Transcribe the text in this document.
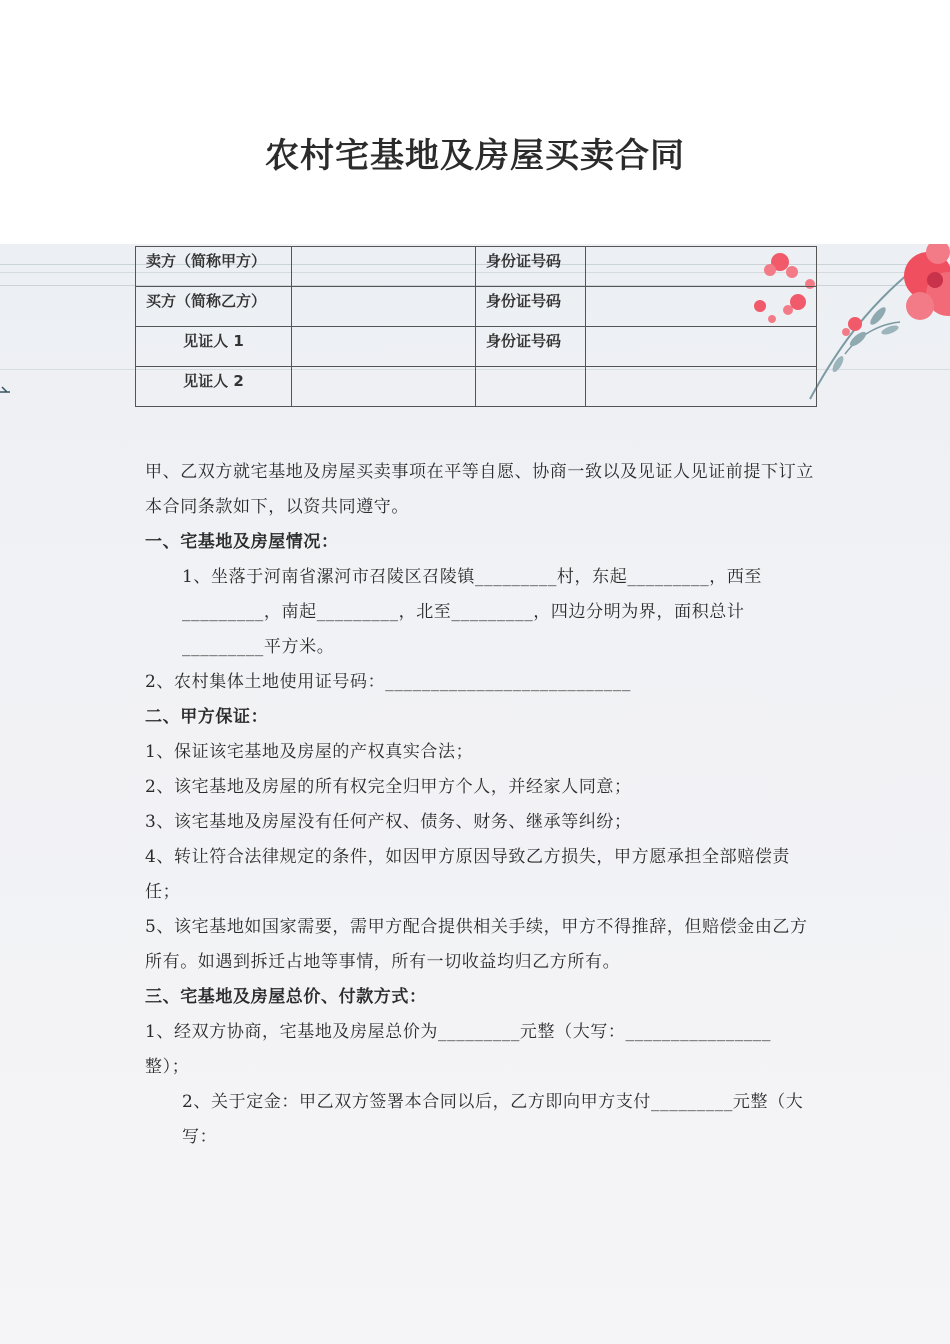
农村宅基地及房屋买卖合同
卖方（简称甲方）		身份证号码	
买方（简称乙方）		身份证号码	
见证人 1		身份证号码	
见证人 2			

甲、乙双方就宅基地及房屋买卖事项在平等自愿、协商一致以及见证人见证前提下订立本合同条款如下，以资共同遵守。

一、宅基地及房屋情况：

1、坐落于河南省漯河市召陵区召陵镇_________村，东起_________，西至_________，南起_________，北至_________，四边分明为界，面积总计_________平方米。

2、农村集体土地使用证号码：___________________________

二、甲方保证：

1、保证该宅基地及房屋的产权真实合法；

2、该宅基地及房屋的所有权完全归甲方个人，并经家人同意；

3、该宅基地及房屋没有任何产权、债务、财务、继承等纠纷；

4、转让符合法律规定的条件，如因甲方原因导致乙方损失，甲方愿承担全部赔偿责任；

5、该宅基地如国家需要，需甲方配合提供相关手续，甲方不得推辞，但赔偿金由乙方

所有。如遇到拆迁占地等事情，所有一切收益均归乙方所有。

三、宅基地及房屋总价、付款方式：

1、经双方协商，宅基地及房屋总价为_________元整（大写：________________整）；

2、关于定金：甲乙双方签署本合同以后，乙方即向甲方支付_________元整（大写：
